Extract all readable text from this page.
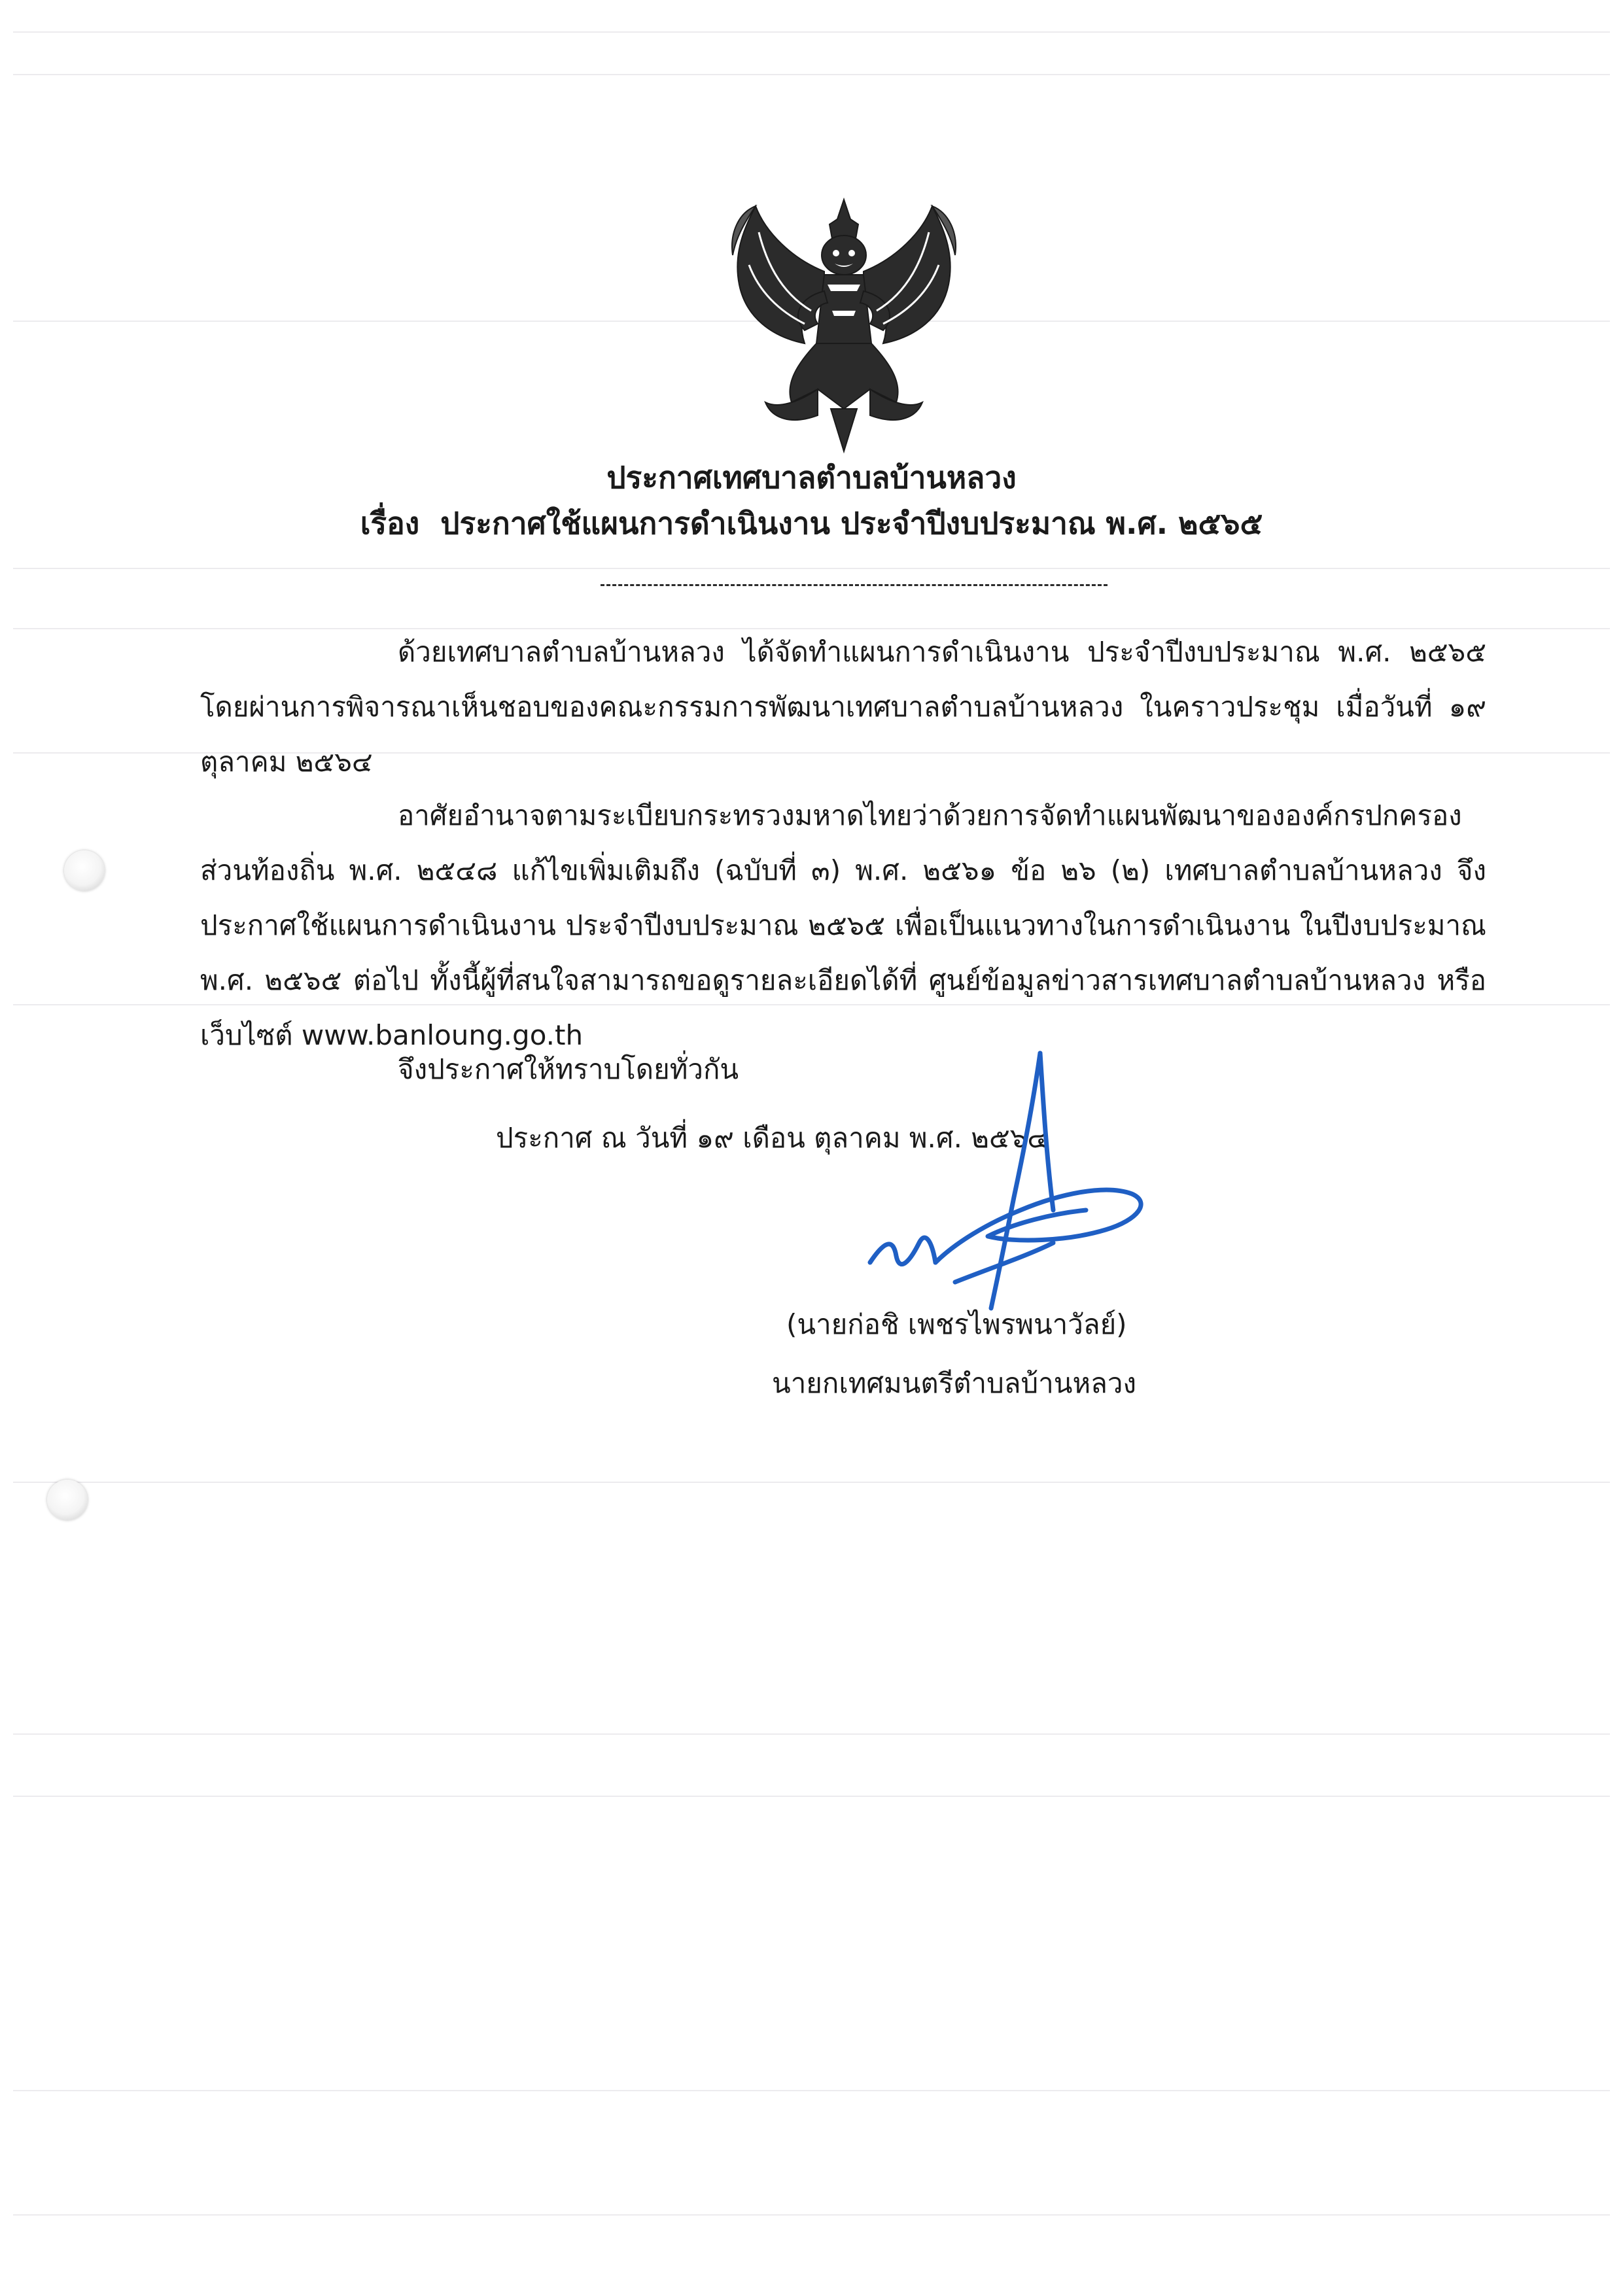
ประกาศเทศบาลตำบลบ้านหลวง
เรื่อง ประกาศใช้แผนการดำเนินงาน ประจำปีงบประมาณ พ.ศ. ๒๕๖๕

ด้วยเทศบาลตำบลบ้านหลวง ได้จัดทำแผนการดำเนินงาน ประจำปีงบประมาณ พ.ศ. ๒๕๖๕ โดยผ่านการพิจารณาเห็นชอบของคณะกรรมการพัฒนาเทศบาลตำบลบ้านหลวง ในคราวประชุม เมื่อวันที่ ๑๙ ตุลาคม ๒๕๖๔

อาศัยอำนาจตามระเบียบกระทรวงมหาดไทยว่าด้วยการจัดทำแผนพัฒนาขององค์กรปกครองส่วนท้องถิ่น พ.ศ. ๒๕๔๘ แก้ไขเพิ่มเติมถึง (ฉบับที่ ๓) พ.ศ. ๒๕๖๑ ข้อ ๒๖ (๒) เทศบาลตำบลบ้านหลวง จึงประกาศใช้แผนการดำเนินงาน ประจำปีงบประมาณ ๒๕๖๕ เพื่อเป็นแนวทางในการดำเนินงาน ในปีงบประมาณ พ.ศ. ๒๕๖๕ ต่อไป ทั้งนี้ผู้ที่สนใจสามารถขอดูรายละเอียดได้ที่ ศูนย์ข้อมูลข่าวสารเทศบาลตำบลบ้านหลวง หรือเว็บไซต์ www.banloung.go.th

จึงประกาศให้ทราบโดยทั่วกัน
ประกาศ ณ วันที่ ๑๙ เดือน ตุลาคม พ.ศ. ๒๕๖๔
(นายก่อชิ เพชรไพรพนาวัลย์)
นายกเทศมนตรีตำบลบ้านหลวง
